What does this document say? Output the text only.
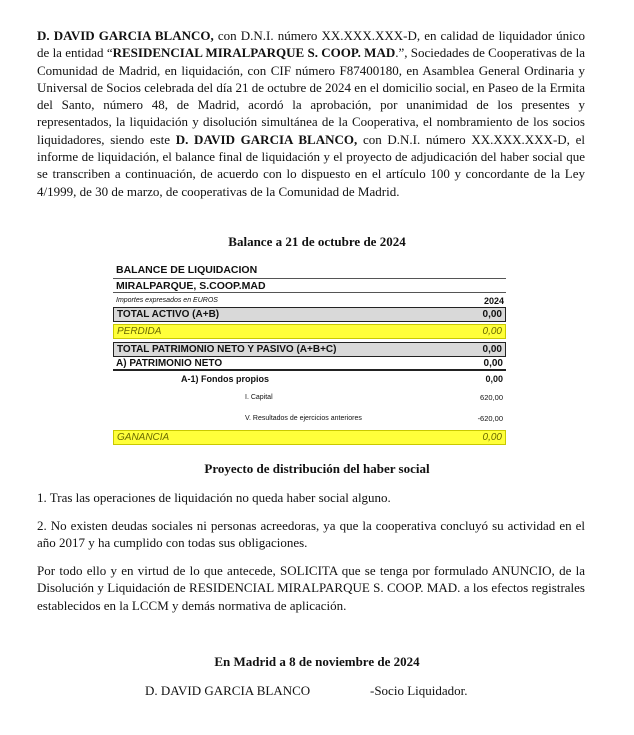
D. DAVID GARCIA BLANCO, con D.N.I. número XX.XXX.XXX-D, en calidad de liquidador único de la entidad “RESIDENCIAL MIRALPARQUE S. COOP. MAD.”, Sociedades de Cooperativas de la Comunidad de Madrid, en liquidación, con CIF número F87400180, en Asamblea General Ordinaria y Universal de Socios celebrada del día 21 de octubre de 2024 en el domicilio social, en Paseo de la Ermita del Santo, número 48, de Madrid, acordó la aprobación, por unanimidad de los presentes y representados, la liquidación y disolución simultánea de la Cooperativa, el nombramiento de los socios liquidadores, siendo este D. DAVID GARCIA BLANCO, con D.N.I. número XX.XXX.XXX-D, el informe de liquidación, el balance final de liquidación y el proyecto de adjudicación del haber social que se transcriben a continuación, de acuerdo con lo dispuesto en el artículo 100 y concordante de la Ley 4/1999, de 30 de marzo, de cooperativas de la Comunidad de Madrid.

Balance a 21 de octubre de 2024

BALANCE DE LIQUIDACION
MIRALPARQUE, S.COOP.MAD
Importes expresados en EUROS	2024
TOTAL ACTIVO (A+B)	0,00
PERDIDA	0,00
TOTAL PATRIMONIO NETO Y PASIVO (A+B+C)	0,00
A) PATRIMONIO NETO	0,00
A-1) Fondos propios	0,00
I. Capital	620,00
V. Resultados de ejercicios anteriores	-620,00
GANANCIA	0,00

Proyecto de distribución del haber social

1. Tras las operaciones de liquidación no queda haber social alguno.

2. No existen deudas sociales ni personas acreedoras, ya que la cooperativa concluyó su actividad en el año 2017 y ha cumplido con todas sus obligaciones.

Por todo ello y en virtud de lo que antecede, SOLICITA que se tenga por formulado ANUNCIO, de la Disolución y Liquidación de RESIDENCIAL MIRALPARQUE S. COOP. MAD. a los efectos registrales establecidos en la LCCM y demás normativa de aplicación.

En Madrid a 8 de noviembre de 2024

D. DAVID GARCIA BLANCO	-Socio Liquidador.
